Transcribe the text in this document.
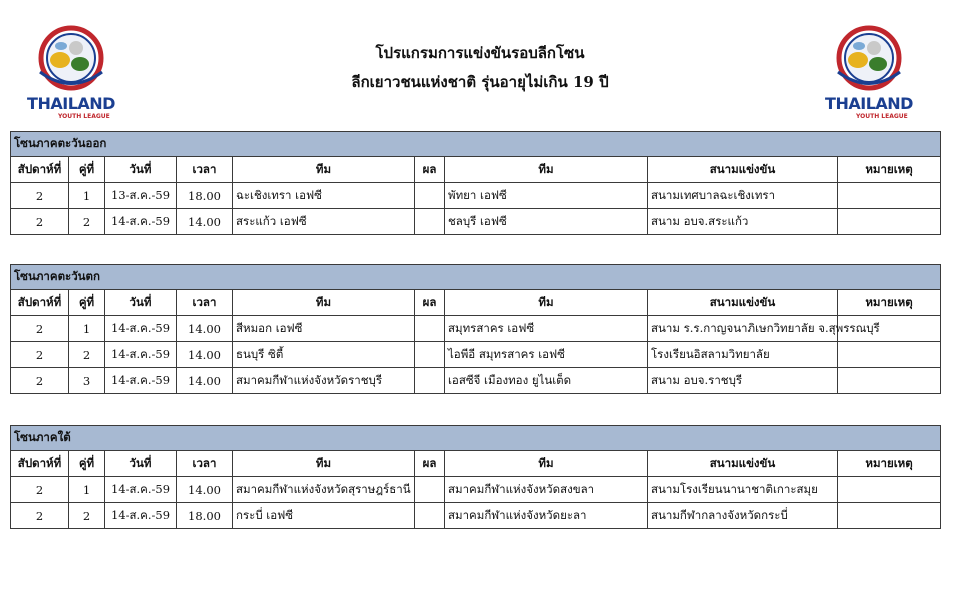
THAILAND
YOUTH LEAGUE
THAILAND
YOUTH LEAGUE
โปรแกรมการแข่งขันรอบลีกโซน
ลีกเยาวชนแห่งชาติ รุ่นอายุไม่เกิน 19 ปี
โซนภาคตะวันออก								
สัปดาห์ที่	คู่ที่	วันที่	เวลา	ทีม	ผล	ทีม	สนามแข่งขัน	หมายเหตุ
2	1	13-ส.ค.-59	18.00	ฉะเชิงเทรา เอฟซี		พัทยา เอฟซี	สนามเทศบาลฉะเชิงเทรา	
2	2	14-ส.ค.-59	14.00	สระแก้ว เอฟซี		ชลบุรี เอฟซี	สนาม อบจ.สระแก้ว	
โซนภาคตะวันตก								
สัปดาห์ที่	คู่ที่	วันที่	เวลา	ทีม	ผล	ทีม	สนามแข่งขัน	หมายเหตุ
2	1	14-ส.ค.-59	14.00	สีหมอก เอฟซี		สมุทรสาคร เอฟซี	สนาม ร.ร.กาญจนาภิเษกวิทยาลัย จ.สุพรรณบุรี	
2	2	14-ส.ค.-59	14.00	ธนบุรี ซิตี้		ไอพีอี สมุทรสาคร เอฟซี	โรงเรียนอิสลามวิทยาลัย	
2	3	14-ส.ค.-59	14.00	สมาคมกีฬาแห่งจังหวัดราชบุรี		เอสซีจี เมืองทอง ยูไนเต็ด	สนาม อบจ.ราชบุรี	
โซนภาคใต้								
สัปดาห์ที่	คู่ที่	วันที่	เวลา	ทีม	ผล	ทีม	สนามแข่งขัน	หมายเหตุ
2	1	14-ส.ค.-59	14.00	สมาคมกีฬาแห่งจังหวัดสุราษฎร์ธานี		สมาคมกีฬาแห่งจังหวัดสงขลา	สนามโรงเรียนนานาชาติเกาะสมุย	
2	2	14-ส.ค.-59	18.00	กระบี่ เอฟซี		สมาคมกีฬาแห่งจังหวัดยะลา	สนามกีฬากลางจังหวัดกระบี่	
